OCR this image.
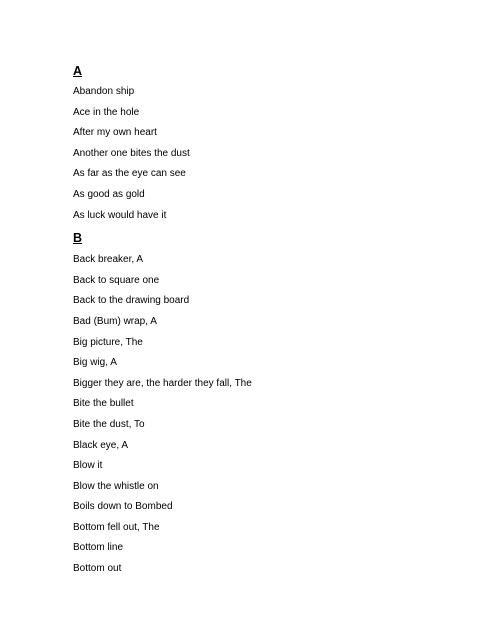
A
Abandon ship
Ace in the hole
After my own heart
Another one bites the dust
As far as the eye can see
As good as gold
As luck would have it
B
Back breaker, A
Back to square one
Back to the drawing board
Bad (Bum) wrap, A
Big picture, The
Big wig, A
Bigger they are, the harder they fall, The
Bite the bullet
Bite the dust, To
Black eye, A
Blow it
Blow the whistle on
Boils down to Bombed
Bottom fell out, The
Bottom line
Bottom out
